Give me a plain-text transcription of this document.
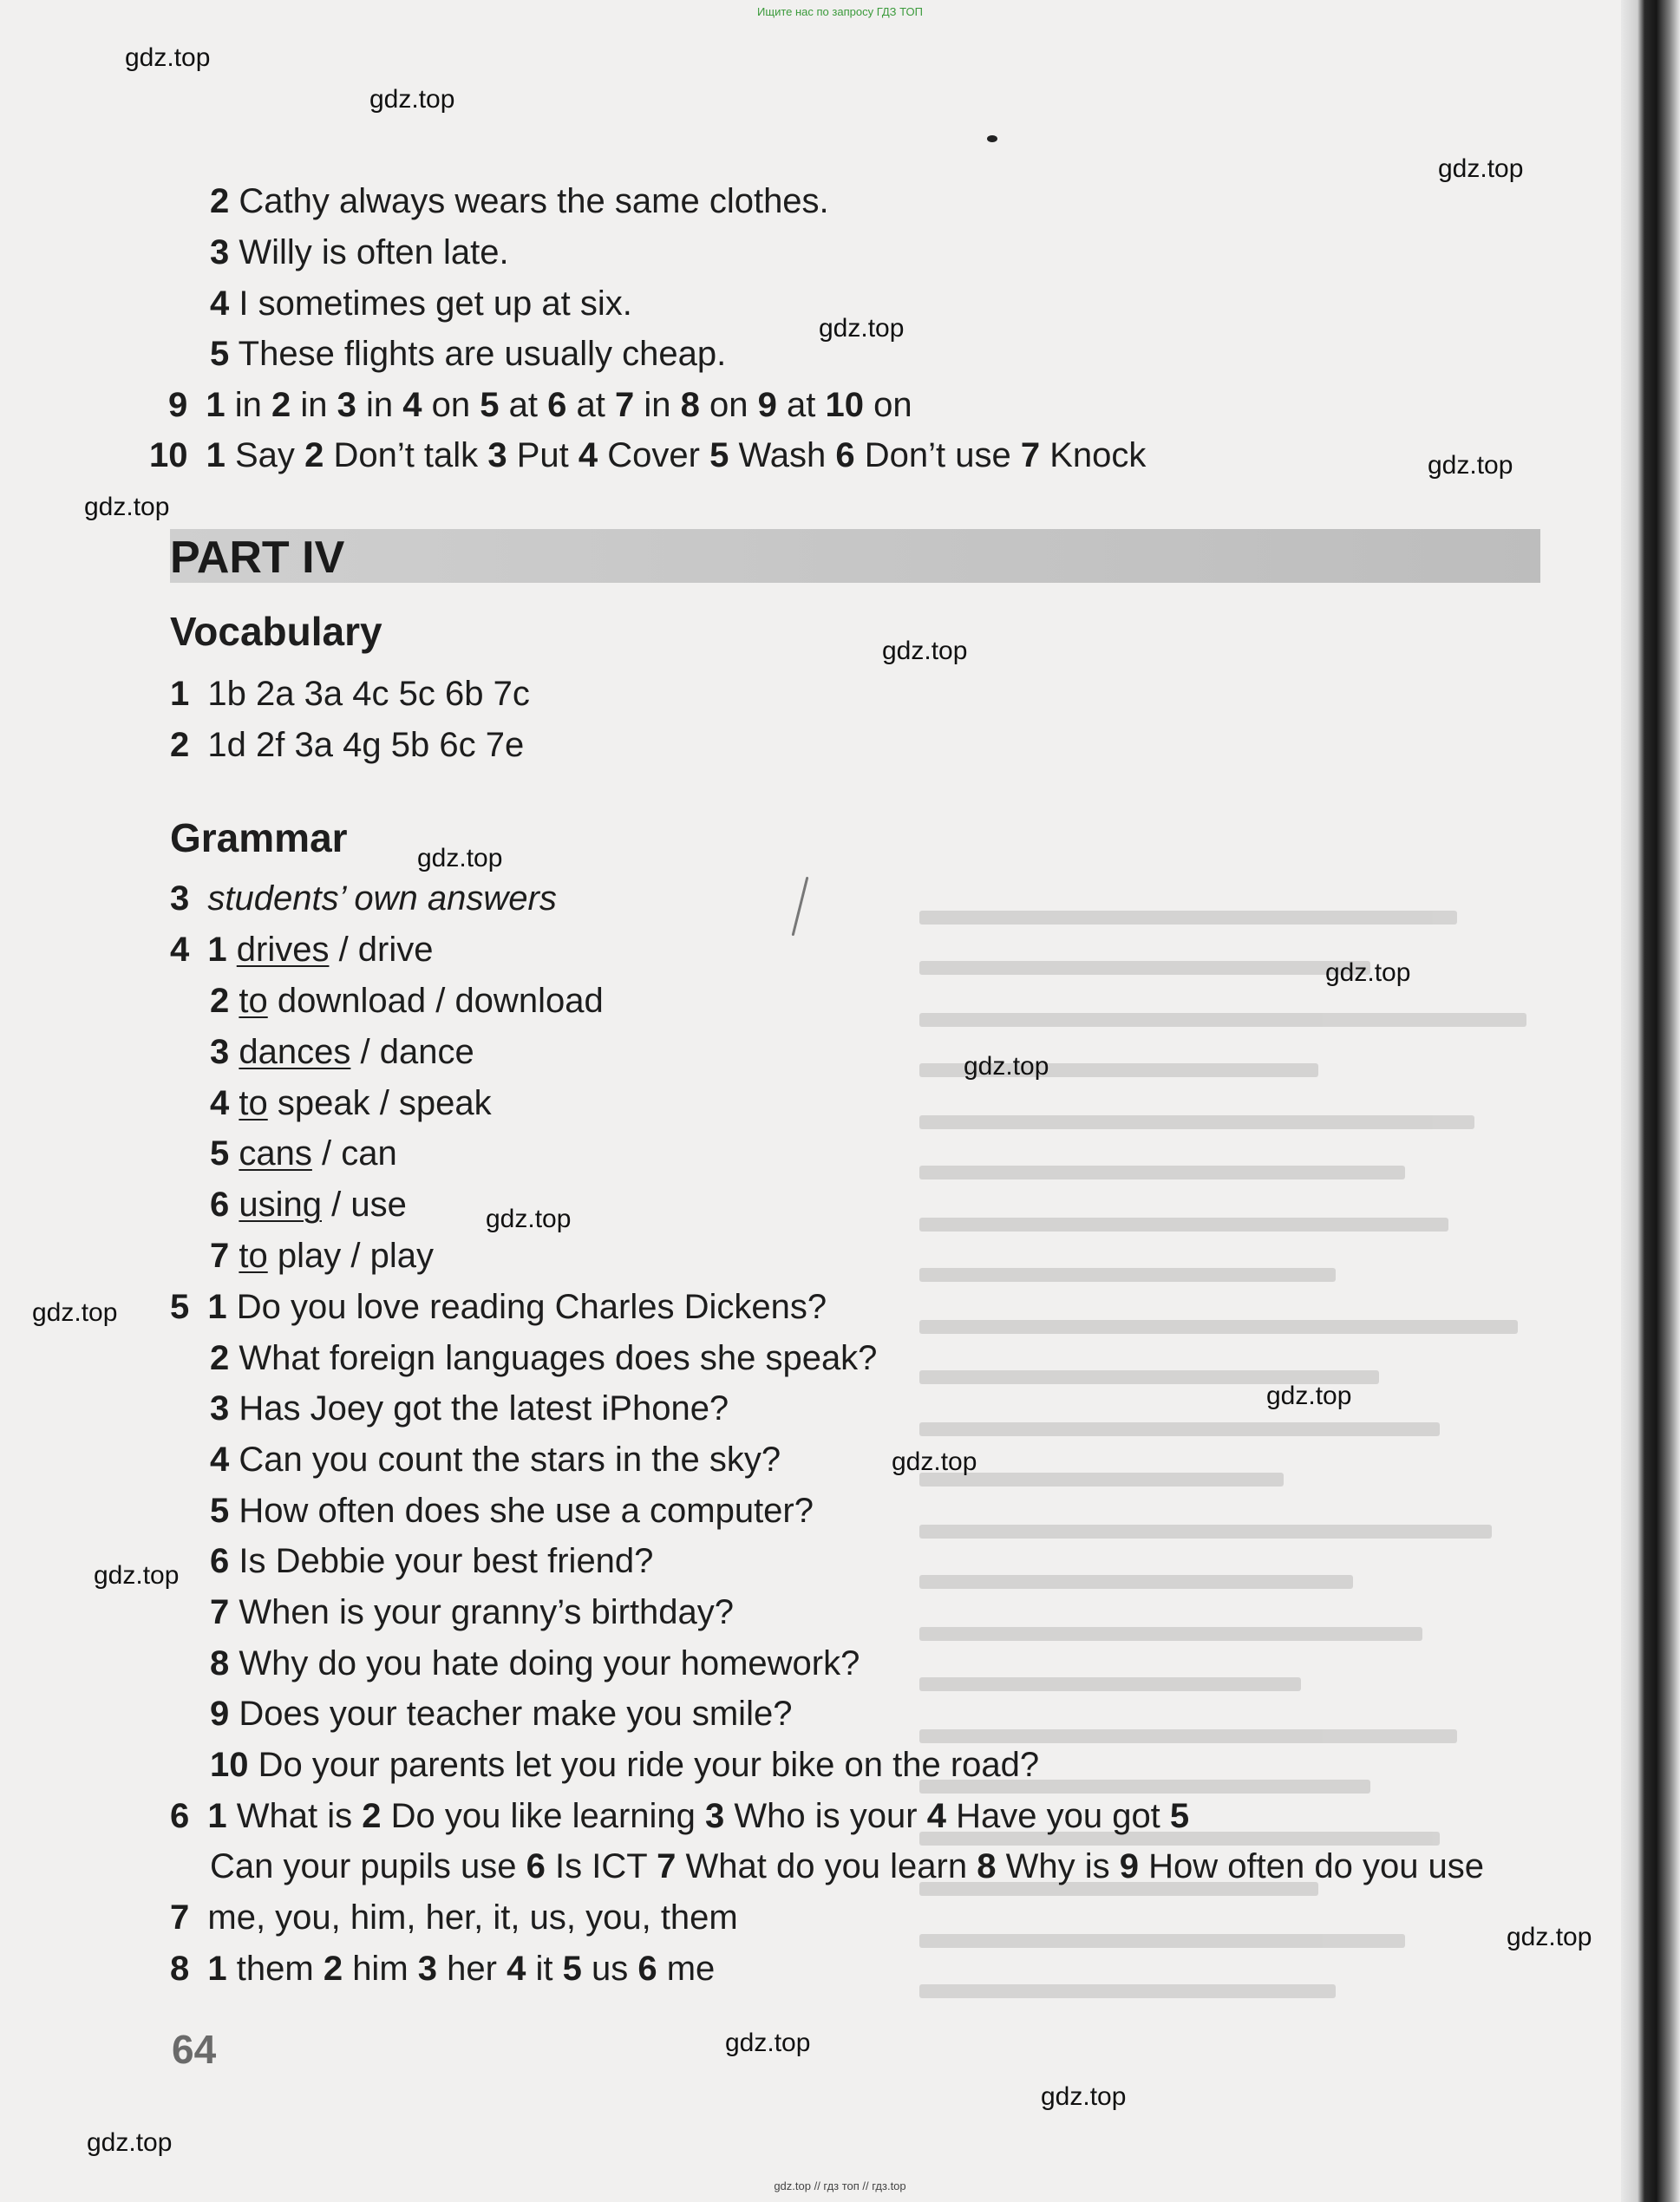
Ищите нас по запросу ГДЗ ТОП
gdz.top
gdz.top
gdz.top
gdz.top
gdz.top
gdz.top
gdz.top
gdz.top
gdz.top
gdz.top
gdz.top
gdz.top
gdz.top
gdz.top
gdz.top
gdz.top
gdz.top
gdz.top
gdz.top
2 Cathy always wears the same clothes.
3 Willy is often late.
4 I sometimes get up at six.
5 These flights are usually cheap.
9 1 in 2 in 3 in 4 on 5 at 6 at 7 in 8 on 9 at 10 on
10 1 Say 2 Don’t talk 3 Put 4 Cover 5 Wash 6 Don’t use 7 Knock
PART IV
Vocabulary
1 1b 2a 3a 4c 5c 6b 7c
2 1d 2f 3a 4g 5b 6c 7e
Grammar
3 students’ own answers
4 1 drives / drive
2 to download / download
3 dances / dance
4 to speak / speak
5 cans / can
6 using / use
7 to play / play
5 1 Do you love reading Charles Dickens?
2 What foreign languages does she speak?
3 Has Joey got the latest iPhone?
4 Can you count the stars in the sky?
5 How often does she use a computer?
6 Is Debbie your best friend?
7 When is your granny’s birthday?
8 Why do you hate doing your homework?
9 Does your teacher make you smile?
10 Do your parents let you ride your bike on the road?
6 1 What is 2 Do you like learning 3 Who is your 4 Have you got 5
Can your pupils use 6 Is ICT 7 What do you learn 8 Why is 9 How often do you use
7 me, you, him, her, it, us, you, them
8 1 them 2 him 3 her 4 it 5 us 6 me
64
gdz.top // гдз топ // гдз.top
